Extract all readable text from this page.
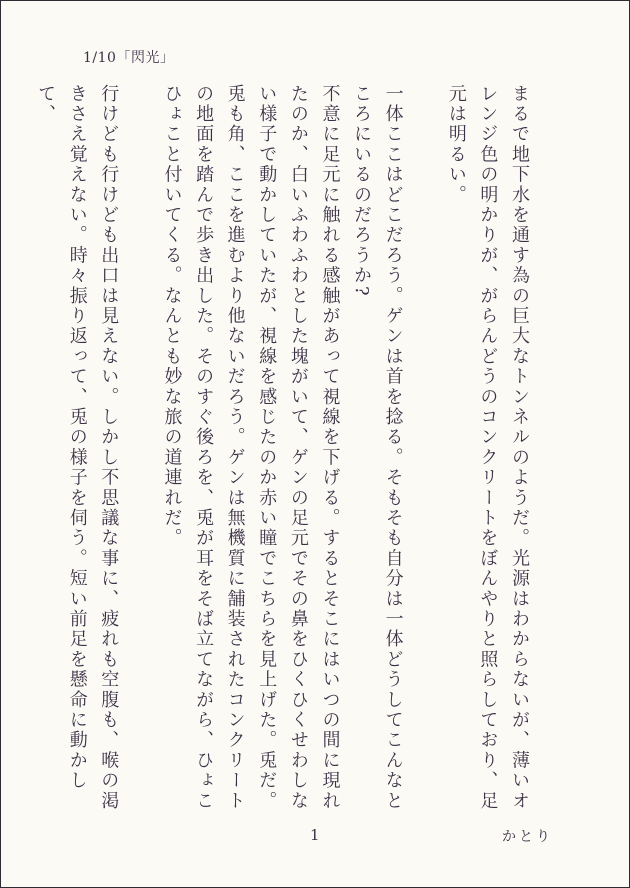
1/10「閃光」

まるで地下水を通す為の巨大なトンネルのようだ。光源はわからないが、薄いオレンジ色の明かりが、がらんどうのコンクリートをぼんやりと照らしており、足元は明るい。

一体ここはどこだろう。ゲンは首を捻る。そもそも自分は一体どうしてこんなところにいるのだろうか?

不意に足元に触れる感触があって視線を下げる。するとそこにはいつの間に現れたのか、白いふわふわとした塊がいて、ゲンの足元でその鼻をひくひくせわしない様子で動かしていたが、視線を感じたのか赤い瞳でこちらを見上げた。兎だ。

兎も角、ここを進むより他ないだろう。ゲンは無機質に舗装されたコンクリートの地面を踏んで歩き出した。そのすぐ後ろを、兎が耳をそば立てながら、ひょこひょこと付いてくる。なんとも妙な旅の道連れだ。

行けども行けども出口は見えない。しかし不思議な事に、疲れも空腹も、喉の渇きさえ覚えない。時々振り返って、兎の様子を伺う。短い前足を懸命に動かして、

1	かとり
